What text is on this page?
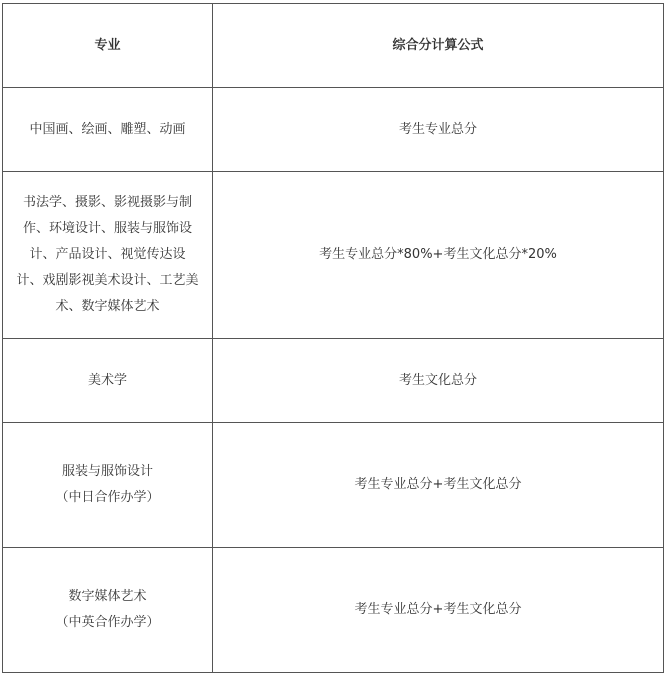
专业	综合分计算公式

中国画、绘画、雕塑、动画	考生专业总分

书法学、摄影、影视摄影与制
作、环境设计、服装与服饰设
计、产品设计、视觉传达设
计、戏剧影视美术设计、工艺美
术、数字媒体艺术	考生专业总分*80%+考生文化总分*20%

美术学	考生文化总分

服装与服饰设计
（中日合作办学）	考生专业总分+考生文化总分

数字媒体艺术
（中英合作办学）	考生专业总分+考生文化总分
